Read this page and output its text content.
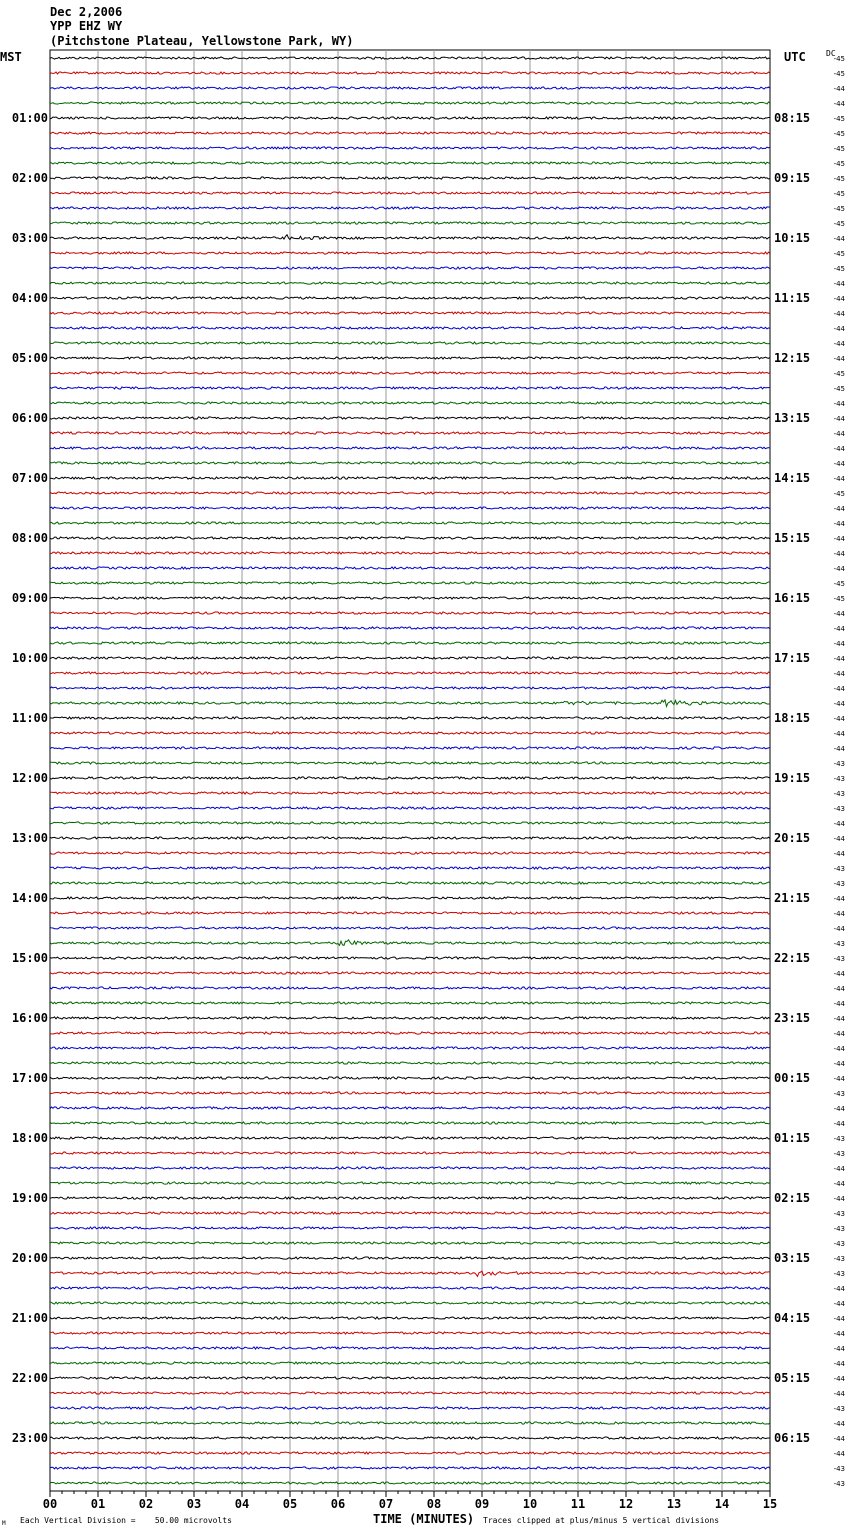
00	01	02	03	04	05	06	07	08	09	10	11	12	13	14	15
-45
-45
-44
-44
-45
-45
-45
-45
-45
-45
-45
-45
-44
-45
-45
-44
-44
-44
-44
-44
-44
-45
-45
-44
-44
-44
-44
-44
-44
-45
-44
-44
-44
-44
-44
-45
-45
-44
-44
-44
-44
-44
-44
-44
-44
-44
-44
-43
-43
-43
-43
-44
-44
-44
-43
-43
-44
-44
-44
-43
-43
-44
-44
-44
-44
-44
-44
-44
-44
-43
-44
-44
-43
-43
-44
-44
-44
-43
-43
-43
-43
-43
-44
-44
-44
-44
-44
-44
-44
-44
-43
-44
-44
-44
-43
-43
01:00
02:00
03:00
04:00
05:00
06:00
07:00
08:00
09:00
10:00
11:00
12:00
13:00
14:00
15:00
16:00
17:00
18:00
19:00
20:00
21:00
22:00
23:00
08:15
09:15
10:15
11:15
12:15
13:15
14:15
15:15
16:15
17:15
18:15
19:15
20:15
21:15
22:15
23:15
00:15
01:15
02:15
03:15
04:15
05:15
06:15
Dec 2,2006
YPP EHZ WY
(Pitchstone Plateau, Yellowstone Park, WY)
MST	UTC	DC
M Each Vertical Division =    50.00 microvolts	TIME (MINUTES) Traces clipped at plus/minus 5 vertical divisions
